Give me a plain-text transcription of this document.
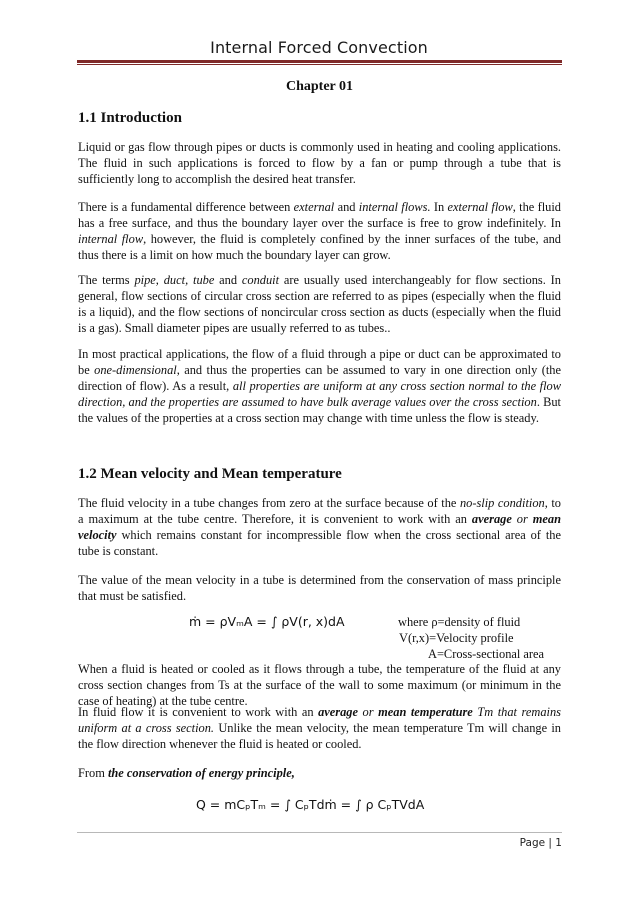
Internal Forced Convection
Chapter 01
1.1 Introduction

Liquid or gas flow through pipes or ducts is commonly used in heating and cooling applications. The fluid in such applications is forced to flow by a fan or pump through a tube that is sufficiently long to accomplish the desired heat transfer.

There is a fundamental difference between external and internal flows. In external flow, the fluid has a free surface, and thus the boundary layer over the surface is free to grow indefinitely. In internal flow, however, the fluid is completely confined by the inner surfaces of the tube, and thus there is a limit on how much the boundary layer can grow.

The terms pipe, duct, tube and conduit are usually used interchangeably for flow sections. In general, flow sections of circular cross section are referred to as pipes (especially when the fluid is a liquid), and the flow sections of noncircular cross section as ducts (especially when the fluid is a gas). Small diameter pipes are usually referred to as tubes..

In most practical applications, the flow of a fluid through a pipe or duct can be approximated to be one-dimensional, and thus the properties can be assumed to vary in one direction only (the direction of flow). As a result, all properties are uniform at any cross section normal to the flow direction, and the properties are assumed to have bulk average values over the cross section. But the values of the properties at a cross section may change with time unless the flow is steady.

1.2 Mean velocity and Mean temperature

The fluid velocity in a tube changes from zero at the surface because of the no-slip condition, to a maximum at the tube centre. Therefore, it is convenient to work with an average or mean velocity which remains constant for incompressible flow when the cross sectional area of the tube is constant.

The value of the mean velocity in a tube is determined from the conservation of mass principle that must be satisfied.

ṁ = ρVₘA = ∫ ρV(r, x)dA	where ρ=density of fluid
V(r,x)=Velocity profile
A=Cross-sectional area

When a fluid is heated or cooled as it flows through a tube, the temperature of the fluid at any cross section changes from Ts at the surface of the wall to some maximum (or minimum in the case of heating) at the tube centre.

In fluid flow it is convenient to work with an average or mean temperature Tm that remains uniform at a cross section. Unlike the mean velocity, the mean temperature Tm will change in the flow direction whenever the fluid is heated or cooled.

From the conservation of energy principle,

Q = mCₚTₘ = ∫ CₚTdṁ = ∫ ρ CₚTVdA
Page | 1
